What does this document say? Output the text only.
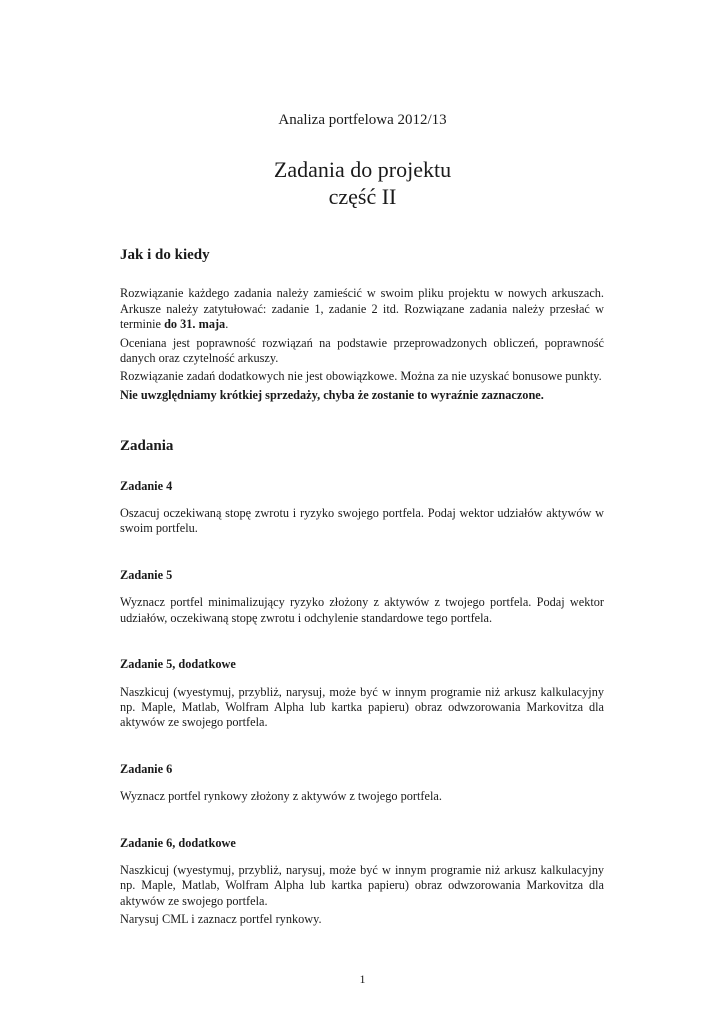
Analiza portfelowa 2012/13
Zadania do projektu
część II
Jak i do kiedy

Rozwiązanie każdego zadania należy zamieścić w swoim pliku projektu w nowych arkuszach. Arkusze należy zatytułować: zadanie 1, zadanie 2 itd. Rozwiązane zadania należy przesłać w terminie do 31. maja.

Oceniana jest poprawność rozwiązań na podstawie przeprowadzonych obliczeń, poprawność danych oraz czytelność arkuszy.

Rozwiązanie zadań dodatkowych nie jest obowiązkowe. Można za nie uzyskać bonusowe punkty.

Nie uwzględniamy krótkiej sprzedaży, chyba że zostanie to wyraźnie zaznaczone.

Zadania
Zadanie 4

Oszacuj oczekiwaną stopę zwrotu i ryzyko swojego portfela. Podaj wektor udziałów aktywów w swoim portfelu.

Zadanie 5

Wyznacz portfel minimalizujący ryzyko złożony z aktywów z twojego portfela. Podaj wektor udziałów, oczekiwaną stopę zwrotu i odchylenie standardowe tego portfela.

Zadanie 5, dodatkowe

Naszkicuj (wyestymuj, przybliż, narysuj, może być w innym programie niż arkusz kalkulacyjny np. Maple, Matlab, Wolfram Alpha lub kartka papieru) obraz odwzorowania Markovitza dla aktywów ze swojego portfela.

Zadanie 6

Wyznacz portfel rynkowy złożony z aktywów z twojego portfela.

Zadanie 6, dodatkowe

Naszkicuj (wyestymuj, przybliż, narysuj, może być w innym programie niż arkusz kalkulacyjny np. Maple, Matlab, Wolfram Alpha lub kartka papieru) obraz odwzorowania Markovitza dla aktywów ze swojego portfela.

Narysuj CML i zaznacz portfel rynkowy.

1
